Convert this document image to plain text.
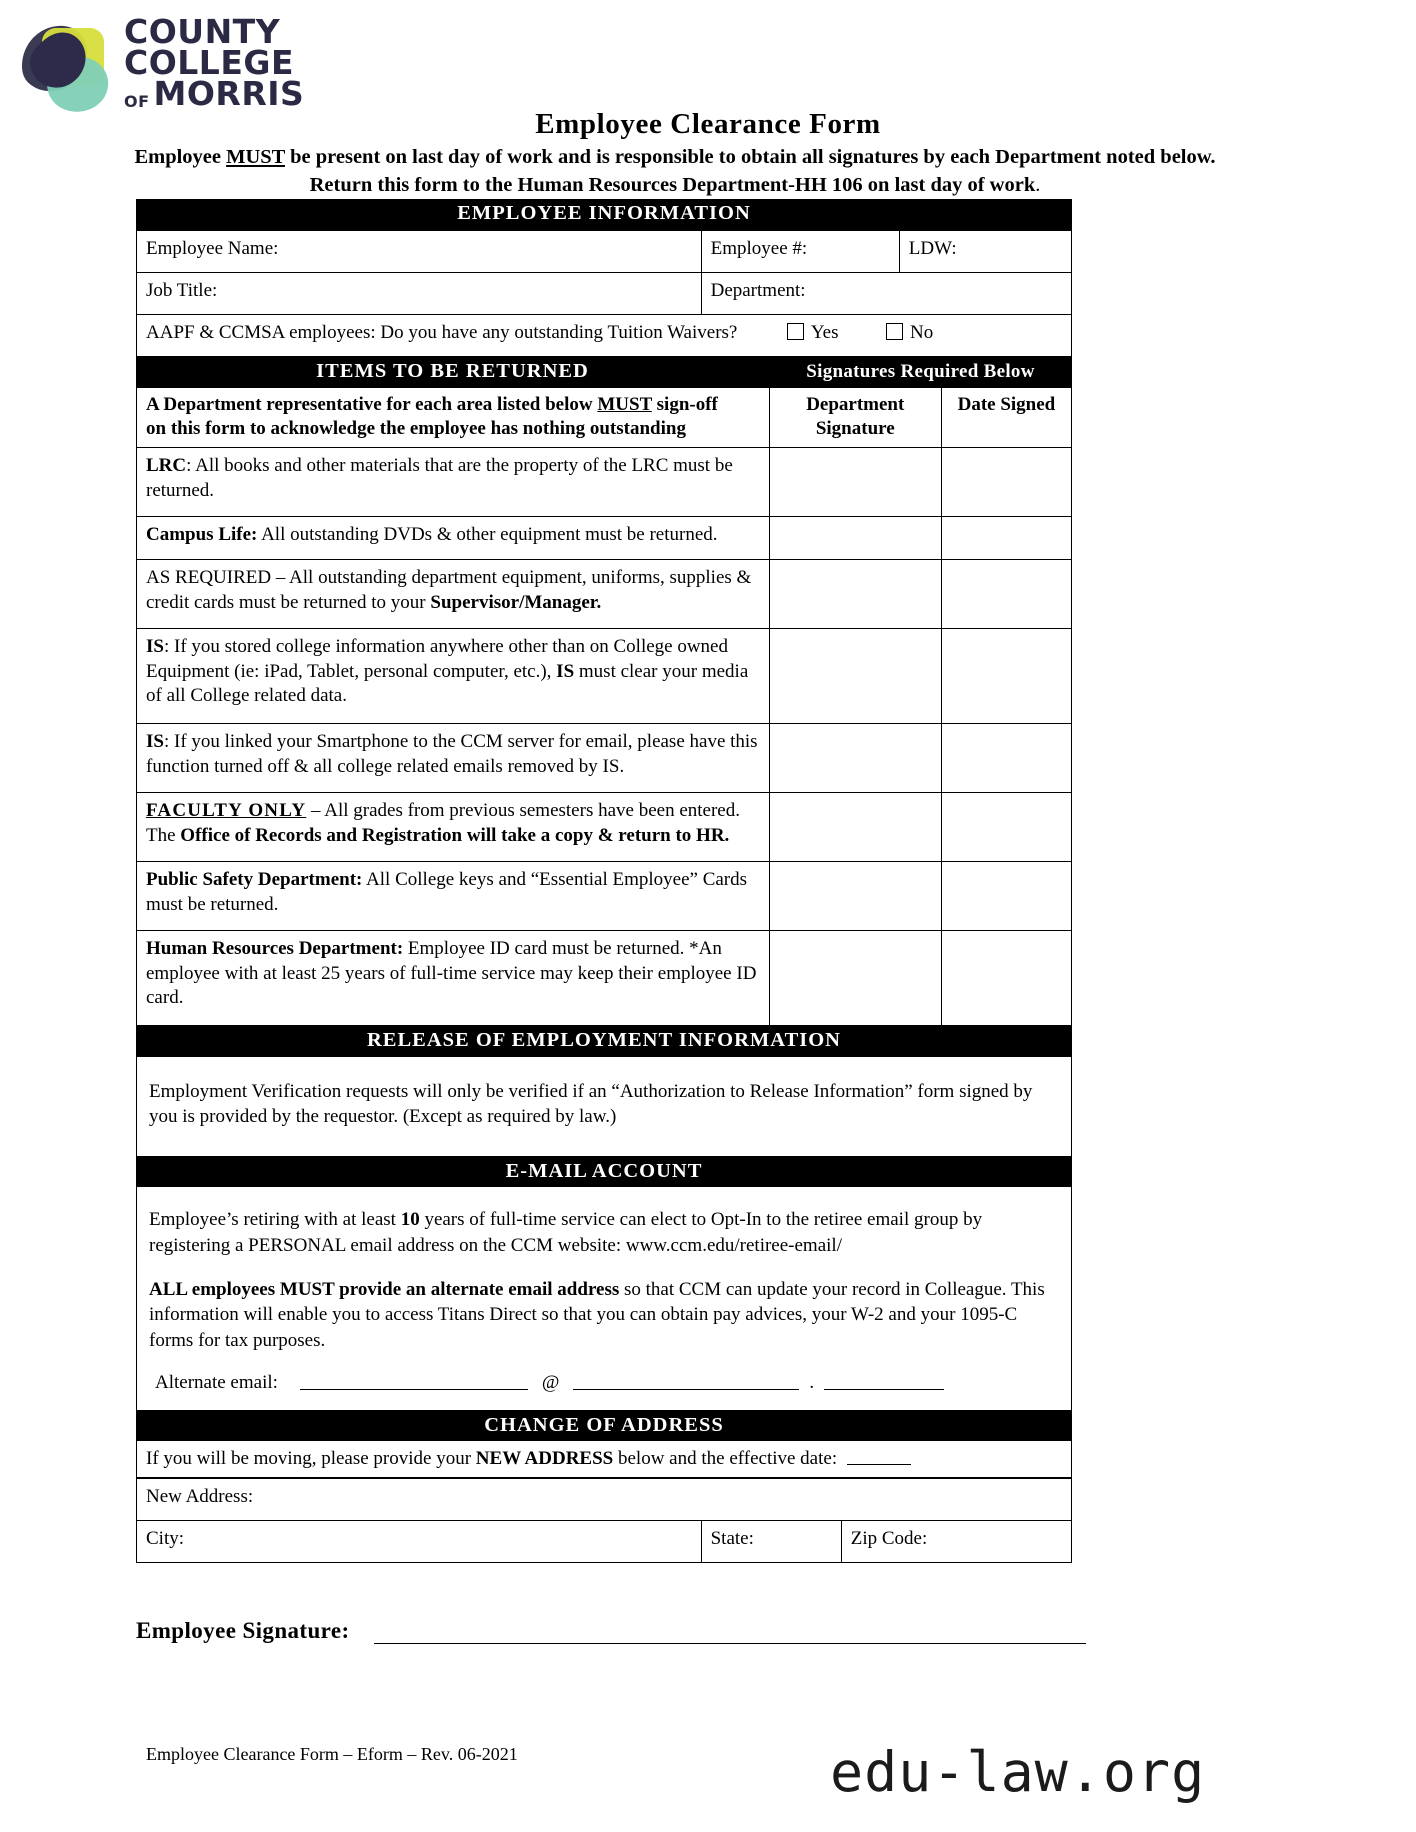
COUNTY
COLLEGE
OF MORRIS
Employee Clearance Form
Employee MUST be present on last day of work and is responsible to obtain all signatures by each Department noted below. Return this form to the Human Resources Department-HH 106 on last day of work.
EMPLOYEE INFORMATION
Employee Name:	Employee #:	LDW:
Job Title:	Department:	
AAPF & CCMSA employees: Do you have any outstanding Tuition Waivers? Yes No		
ITEMS TO BE RETURNED	Signatures Required Below
A Department representative for each area listed below MUST sign-off
on this form to acknowledge the employee has nothing outstanding	Department Signature	Date Signed
LRC: All books and other materials that are the property of the LRC must be returned.		
Campus Life: All outstanding DVDs & other equipment must be returned.		
AS REQUIRED – All outstanding department equipment, uniforms, supplies & credit cards must be returned to your Supervisor/Manager.		
IS: If you stored college information anywhere other than on College owned Equipment (ie: iPad, Tablet, personal computer, etc.), IS must clear your media of all College related data.		
IS: If you linked your Smartphone to the CCM server for email, please have this function turned off & all college related emails removed by IS.		
FACULTY ONLY – All grades from previous semesters have been entered. The Office of Records and Registration will take a copy & return to HR.		
Public Safety Department: All College keys and “Essential Employee” Cards must be returned.		
Human Resources Department: Employee ID card must be returned. *An employee with at least 25 years of full-time service may keep their employee ID card.		
RELEASE OF EMPLOYMENT INFORMATION

Employment Verification requests will only be verified if an “Authorization to Release Information” form signed by you is provided by the requestor. (Except as required by law.)

E-MAIL ACCOUNT

Employee’s retiring with at least 10 years of full-time service can elect to Opt-In to the retiree email group by registering a PERSONAL email address on the CCM website: www.ccm.edu/retiree-email/

ALL employees MUST provide an alternate email address so that CCM can update your record in Colleague. This information will enable you to access Titans Direct so that you can obtain pay advices, your W-2 and your 1095-C forms for tax purposes.

Alternate email:	@	.
CHANGE OF ADDRESS
If you will be moving, please provide your NEW ADDRESS below and the effective date:
New Address:
City:	State:	Zip Code:
Employee Signature:
Employee Clearance Form – Eform – Rev. 06-2021	edu-law.org
